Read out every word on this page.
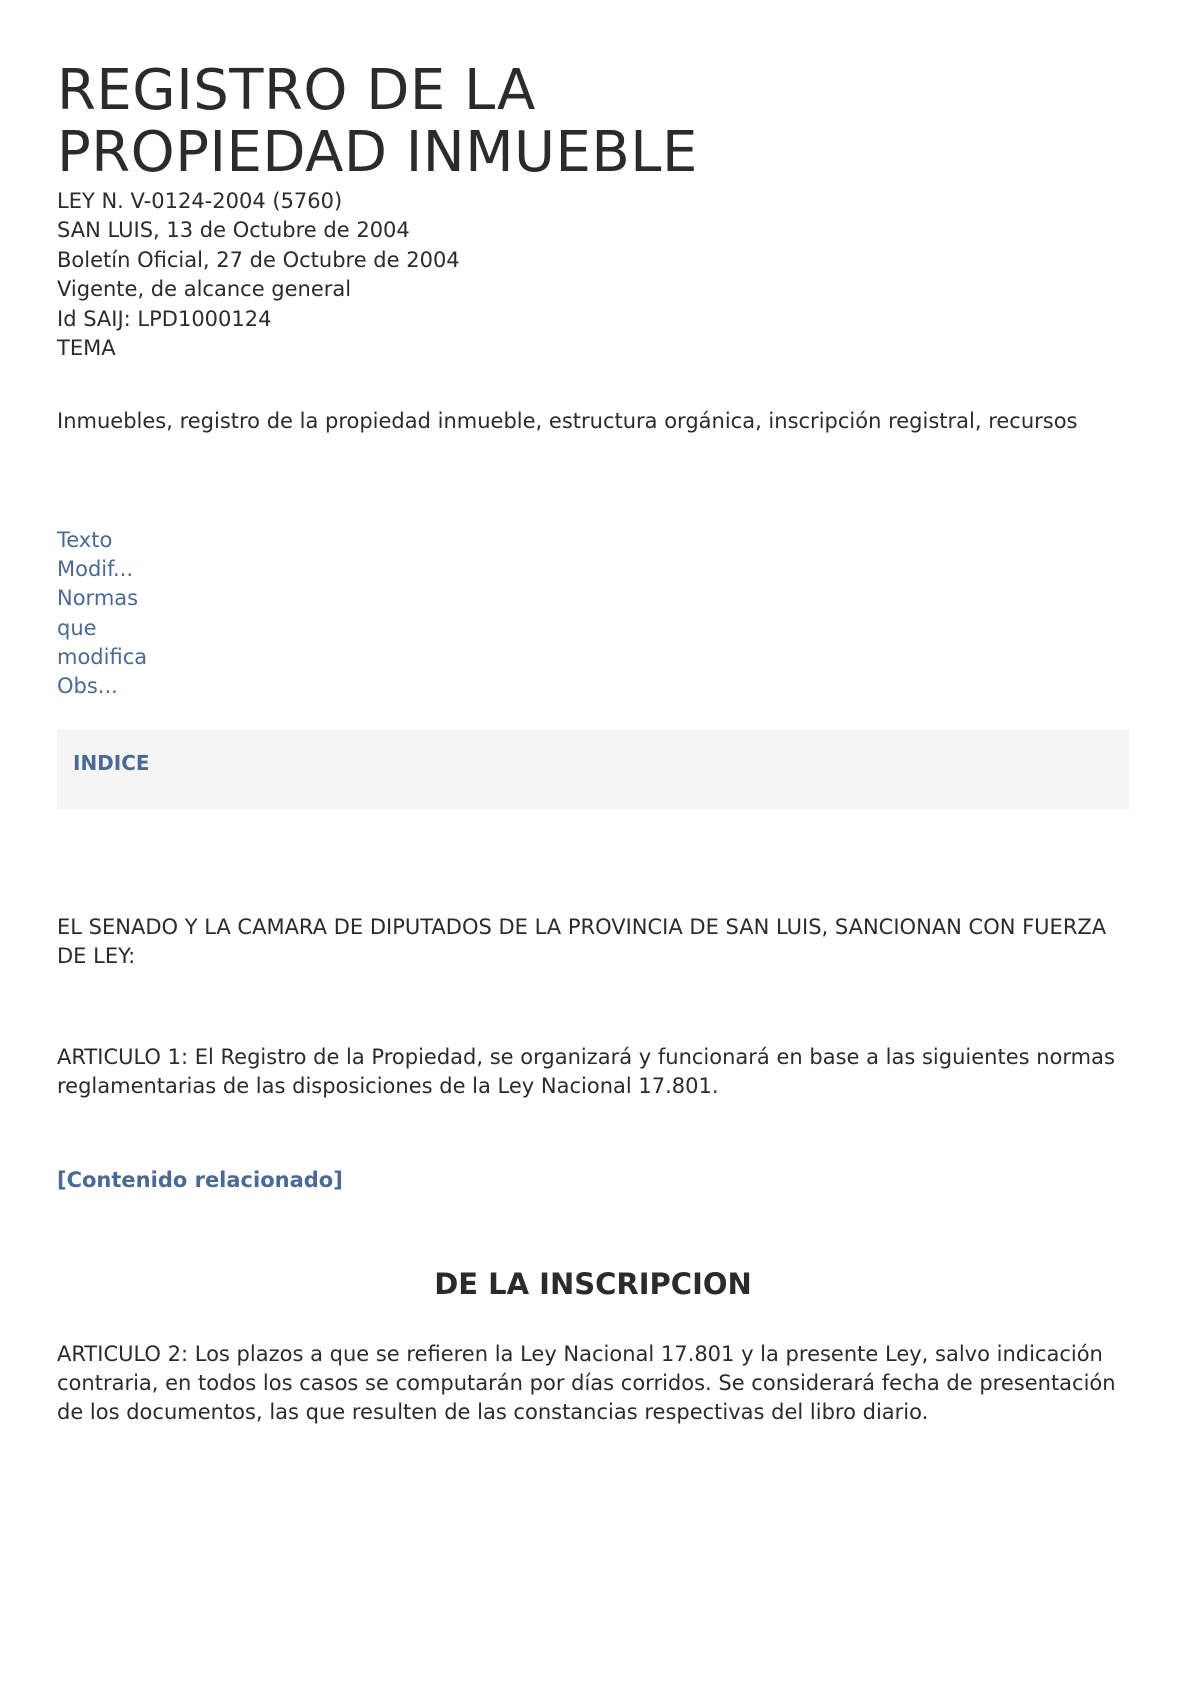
REGISTRO DE LA
PROPIEDAD INMUEBLE
LEY N. V-0124-2004 (5760)
SAN LUIS, 13 de Octubre de 2004
Boletín Oficial, 27 de Octubre de 2004
Vigente, de alcance general
Id SAIJ: LPD1000124
TEMA
Inmuebles, registro de la propiedad inmueble, estructura orgánica, inscripción registral, recursos
Texto
Modif...
Normas
que
modifica
Obs...
INDICE
EL SENADO Y LA CAMARA DE DIPUTADOS DE LA PROVINCIA DE SAN LUIS, SANCIONAN CON FUERZA DE LEY:
ARTICULO 1: El Registro de la Propiedad, se organizará y funcionará en base a las siguientes normas reglamentarias de las disposiciones de la Ley Nacional 17.801.
[Contenido relacionado]
DE LA INSCRIPCION
ARTICULO 2: Los plazos a que se refieren la Ley Nacional 17.801 y la presente Ley, salvo indicación contraria, en todos los casos se computarán por días corridos. Se considerará fecha de presentación de los documentos, las que resulten de las constancias respectivas del libro diario.
